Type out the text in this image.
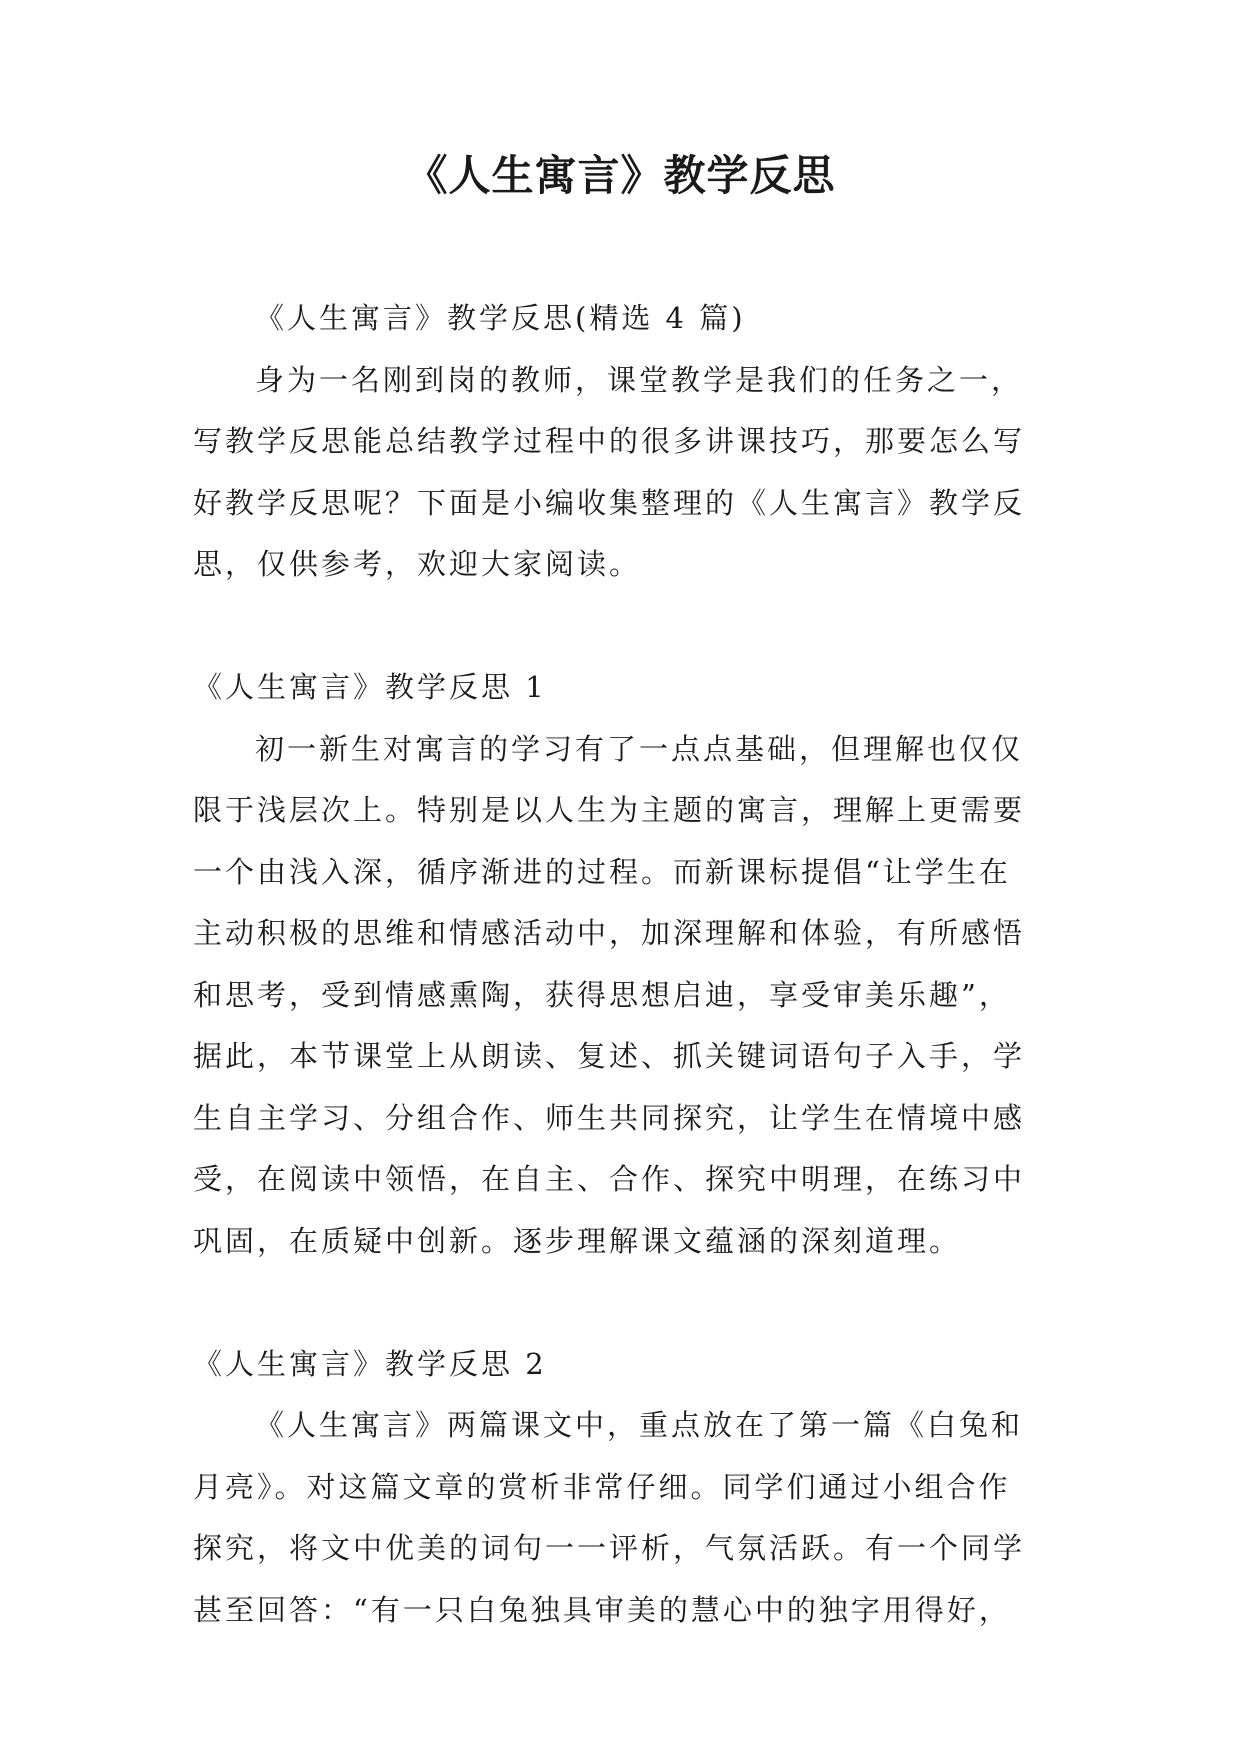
《人生寓言》教学反思

《人生寓言》教学反思(精选 4 篇)

身为一名刚到岗的教师，课堂教学是我们的任务之一，

写教学反思能总结教学过程中的很多讲课技巧，那要怎么写

好教学反思呢？下面是小编收集整理的《人生寓言》教学反

思，仅供参考，欢迎大家阅读。

《人生寓言》教学反思 1

初一新生对寓言的学习有了一点点基础，但理解也仅仅

限于浅层次上。特别是以人生为主题的寓言，理解上更需要

一个由浅入深，循序渐进的过程。而新课标提倡“让学生在

主动积极的思维和情感活动中，加深理解和体验，有所感悟

和思考，受到情感熏陶，获得思想启迪，享受审美乐趣”，

据此，本节课堂上从朗读、复述、抓关键词语句子入手，学

生自主学习、分组合作、师生共同探究，让学生在情境中感

受，在阅读中领悟，在自主、合作、探究中明理，在练习中

巩固，在质疑中创新。逐步理解课文蕴涵的深刻道理。

《人生寓言》教学反思 2

《人生寓言》两篇课文中，重点放在了第一篇《白兔和

月亮》。对这篇文章的赏析非常仔细。同学们通过小组合作

探究，将文中优美的词句一一评析，气氛活跃。有一个同学

甚至回答：“有一只白兔独具审美的慧心中的独字用得好，
